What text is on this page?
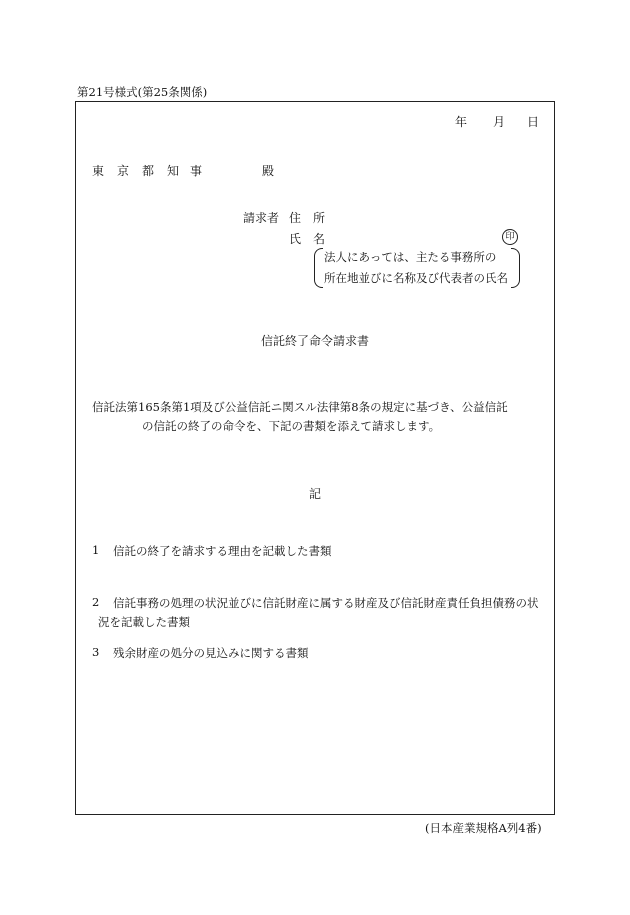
第21号様式(第25条関係)
年 月 日
東 京 都 知 事	殿
請求者 住　所
氏　名	印
法人にあっては、主たる事務所の
所在地並びに名称及び代表者の氏名
信託終了命令請求書
信託法第165条第1項及び公益信託ニ関スル法律第8条の規定に基づき、公益信託
の信託の終了の命令を、下記の書類を添えて請求します。
記
1 信託の終了を請求する理由を記載した書類
2 信託事務の処理の状況並びに信託財産に属する財産及び信託財産責任負担債務の状
況を記載した書類
3 残余財産の処分の見込みに関する書類
(日本産業規格A列4番)
